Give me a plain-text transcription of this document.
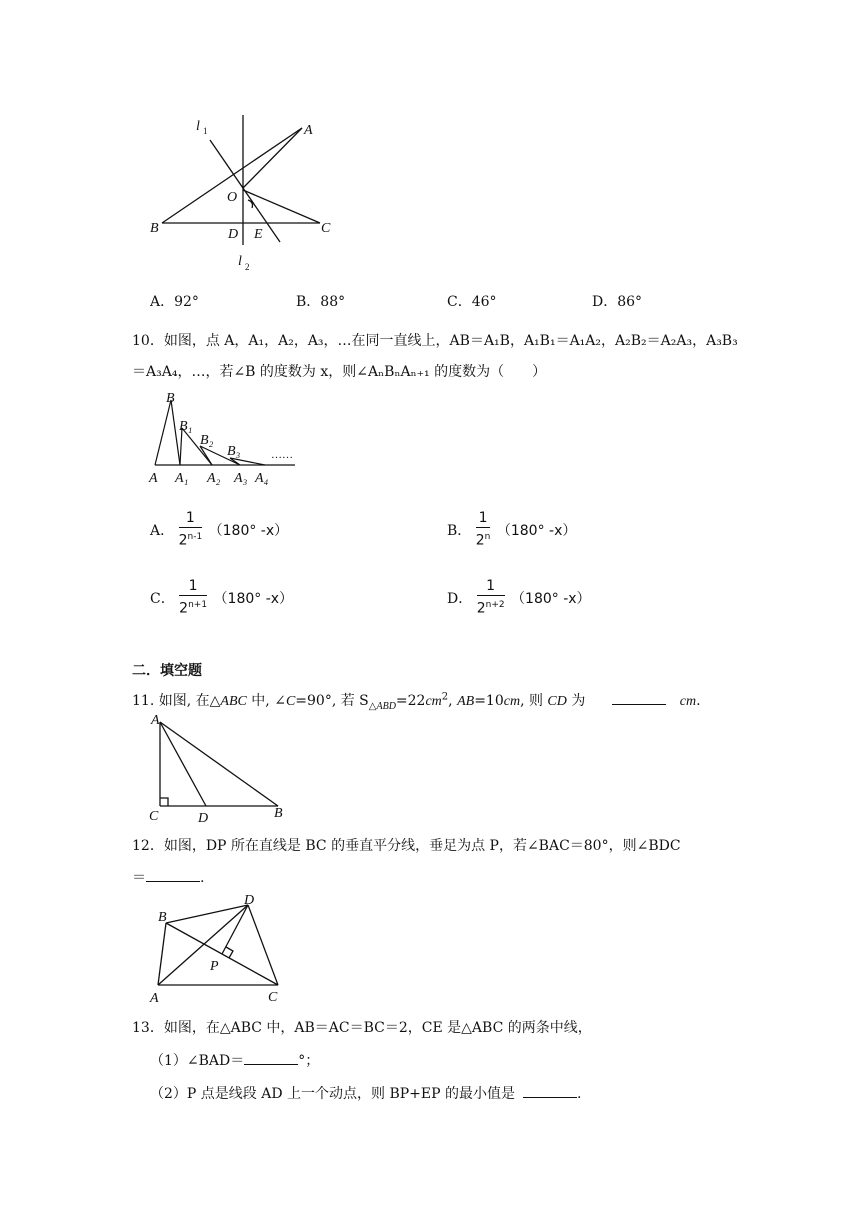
l 1	A
O
B	C
D E
l 2
A．92°	B．88°	C．46°	D．86°
10．如图，点 A，A₁，A₂，A₃，…在同一直线上，AB＝A₁B，A₁B₁＝A₁A₂，A₂B₂＝A₂A₃，A₃B₃
＝A₃A₄，…，若∠B 的度数为 x，则∠AₙBₙAₙ₊₁ 的度数为（　　）
B
B₁
B₂
B₃	……
A A₁ A₂ A₃ A₄
A． $\frac{1}{2^{n-1}} (180^\circ$ -x）	B． $\frac{1}{2^n} (180^\circ$ -x）
C． $\frac{1}{2^{n+1}} (180^\circ$ -x）	D． $\frac{1}{2^{n+2}} (180^\circ$ -x）
二．填空题
11. 如图, 在△ABC 中, ∠C=90°, 若 $S_{\triangle ABD}=22cm^2$, AB=10cm, 则 CD 为	cm.
A
C	D	B
12．如图，DP 所在直线是 BC 的垂直平分线，垂足为点 P，若∠BAC＝80°，则∠BDC
＝	.
B
D
P
A	C
13．如图，在△ABC 中，AB＝AC＝BC＝2，CE 是△ABC 的两条中线，
（1）∠BAD＝	°；
（2）P 点是线段 AD 上一个动点，则 BP+EP 的最小值是	.
